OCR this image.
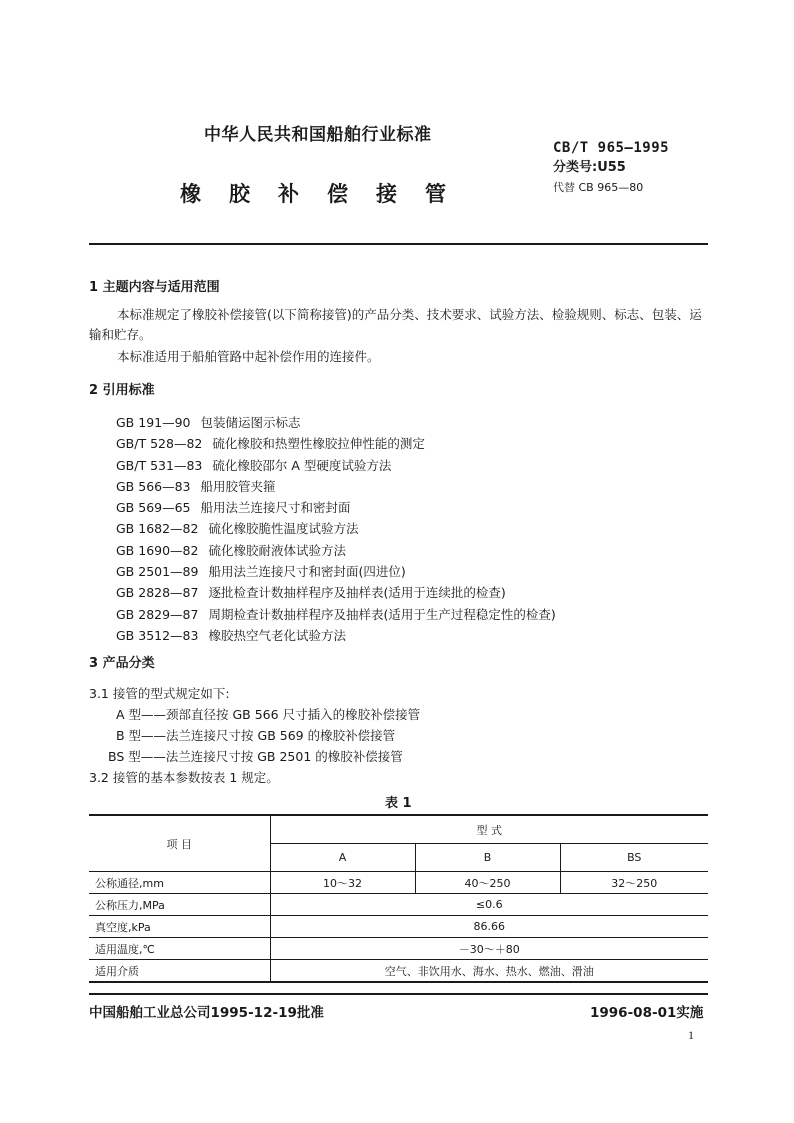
中华人民共和国船舶行业标准
橡胶补偿接管
CB/T 965—1995
分类号:U55
代替 CB 965—80
1 主题内容与适用范围
本标准规定了橡胶补偿接管(以下简称接管)的产品分类、技术要求、试验方法、检验规则、标志、包装、运输和贮存。
本标准适用于船舶管路中起补偿作用的连接件。
2 引用标准
GB 191—90 包装储运图示标志
GB/T 528—82 硫化橡胶和热塑性橡胶拉伸性能的测定
GB/T 531—83 硫化橡胶邵尔 A 型硬度试验方法
GB 566—83 船用胶管夹箍
GB 569—65 船用法兰连接尺寸和密封面
GB 1682—82 硫化橡胶脆性温度试验方法
GB 1690—82 硫化橡胶耐液体试验方法
GB 2501—89 船用法兰连接尺寸和密封面(四进位)
GB 2828—87 逐批检查计数抽样程序及抽样表(适用于连续批的检查)
GB 2829—87 周期检查计数抽样程序及抽样表(适用于生产过程稳定性的检查)
GB 3512—83 橡胶热空气老化试验方法
3 产品分类
3.1 接管的型式规定如下:
A 型——颈部直径按 GB 566 尺寸插入的橡胶补偿接管
B 型——法兰连接尺寸按 GB 569 的橡胶补偿接管
BS 型——法兰连接尺寸按 GB 2501 的橡胶补偿接管
3.2 接管的基本参数按表 1 规定。
表 1
项 目	型 式		
	A	B	BS
公称通径,mm	10～32	40～250	32～250
公称压力,MPa	≤0.6		
真空度,kPa	86.66		
适用温度,℃	－30～＋80		
适用介质	空气、非饮用水、海水、热水、燃油、滑油		
中国船舶工业总公司1995-12-19批准	1996-08-01实施
1
